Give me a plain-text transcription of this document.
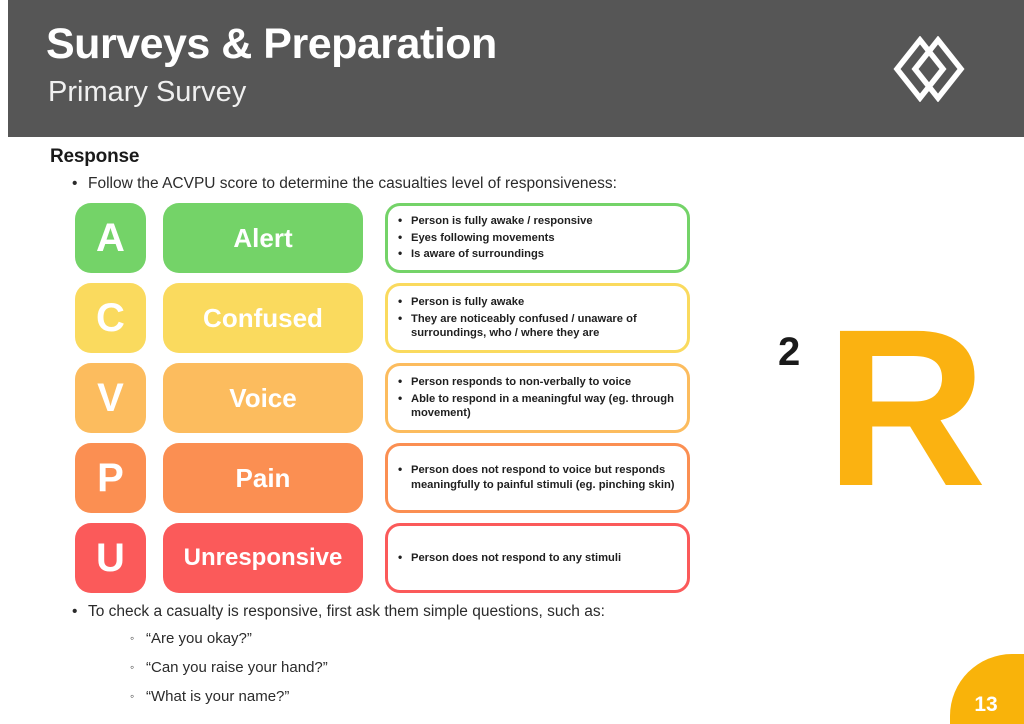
Surveys & Preparation
Primary Survey
Response
• Follow the ACVPU score to determine the casualties level of responsiveness:
A	Alert
• Person is fully awake / responsive
• Eyes following movements
• Is aware of surroundings
C	Confused
• Person is fully awake
• They are noticeably confused / unaware of surroundings, who / where they are
V	Voice
• Person responds to non-verbally to voice
• Able to respond in a meaningful way (eg. through movement)
P	Pain	• Person does not respond to voice but responds meaningfully to painful stimuli (eg. pinching skin)
U	Unresponsive	• Person does not respond to any stimuli
• To check a casualty is responsive, first ask them simple questions, such as:
◦ “Are you okay?”
◦ “Can you raise your hand?”
◦ “What is your name?”
2 R
13
